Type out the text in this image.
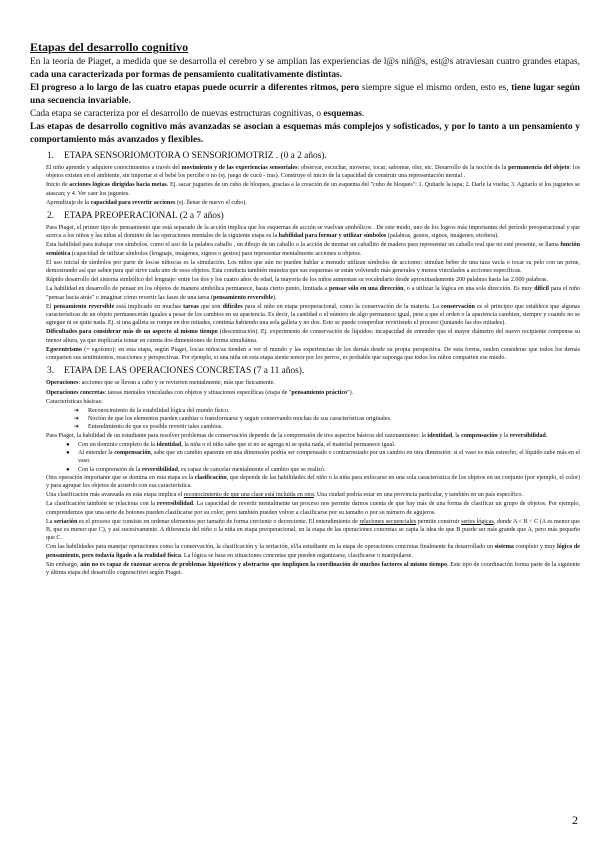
Etapas del desarrollo cognitivo

En la teoría de Piaget, a medida que se desarrolla el cerebro y se amplían las experiencias de l@s niñ@s, est@s atraviesan cuatro grandes etapas, cada una caracterizada por formas de pensamiento cualitativamente distintas.

El progreso a lo largo de las cuatro etapas puede ocurrir a diferentes ritmos, pero siempre sigue el mismo orden, esto es, tiene lugar según una secuencia invariable.

Cada etapa se caracteriza por el desarrollo de nuevas estructuras cognitivas, o esquemas.

Las etapas de desarrollo cognitivo más avanzadas se asocian a esquemas más complejos y sofisticados, y por lo tanto a un pensamiento y comportamiento más avanzados y flexibles.

1. ETAPA SENSORIOMOTORA O SENSORIOMOTRIZ . (0 a 2 años).

El niño aprende y adquiere conocimientos a través del movimiento y de las experiencias sensoriales: observar, escuchar, moverse, tocar, saborear, oler, etc. Desarrollo de la noción de la permanencia del objeto: los objetos existen en el ambiente, sin importar si el bebé los percibe o no (ej. juego de cucú - tras). Construye el inicio de la capacidad de construir una representación mental .

Inicio de acciones lógicas dirigidas hacia metas. Ej. sacar juguetes de un cubo de bloques, gracias a la creación de un esquema del "cubo de bloques": 1. Quitarle la tapa; 2. Darle la vuelta; 3. Agitarlo si los juguetes se atascan; y 4. Ver caer los juguetes.

Aprendizaje de la capacidad para revertir acciones (ej. llenar de nuevo el cubo).

2. ETAPA PREOPERACIONAL (2 a 7 años)

Para Piaget, el primer tipo de pensamiento que está separado de la acción implica que los esquemas de acción se vuelvan simbólicos . De este modo, uno de los logros más importantes del período preoperacional y que acerca a los niños y las niñas al dominio de las operaciones mentales de la siguiente etapa es la habilidad para formar y utilizar símbolos (palabras, gestos, signos, imágenes, etcétera).

Esta habilidad para trabajar con símbolos, como el uso de la palabra caballo , un dibujo de un caballo o la acción de montar un caballito de madera para representar un caballo real que no esté presente, se llama función semiótica (capacidad de utilizar símbolos (lenguaje, imágenes, signos o gestos) para representar mentalmente acciones u objetos.

El uso inicial de símbolos por parte de los/as niños/as es la simulación. Los niños que aún no pueden hablar a menudo utilizan símbolos de acciones: simulan beber de una taza vacía o tocar su pelo con un peine, demostrando así que saben para qué sirve cada uno de esos objetos. Esta conducta también muestra que sus esquemas se están volviendo más generales y menos vinculados a acciones específicas.

Rápido desarrollo del sistema simbólico del lenguaje: entre los dos y los cuatro años de edad, la mayoría de los niños aumentan su vocabulario desde aproximadamente 200 palabras hasta las 2.000 palabras.

La habilidad en desarrollo de pensar en los objetos de manera simbólica permanece, hasta cierto punto, limitada a pensar sólo en una dirección, o a utilizar la lógica en una sola dirección. Es muy difícil para el niño "pensar hacia atrás" o imaginar cómo revertir las fases de una tarea (pensamiento reversible).

El pensamiento reversible está implicado en muchas tareas que son difíciles para el niño en etapa preoperacional, como la conservación de la materia. La conservación es el principio que establece que algunas características de un objeto permanecerán iguales a pesar de los cambios en su apariencia. Es decir, la cantidad o el número de algo permanece igual, pese a que el orden o la apariencia cambien, siempre y cuando no se agregue ni se quite nada. Ej. si una galleta se rompe en dos mitades, continúa habiendo una sola galleta y no dos. Esto se puede comprobar revirtiendo el proceso (juntando las dos mitades).

Dificultades para considerar más de un aspecto al mismo tiempo (descentración). Ej. experimento de conservación de líquidos: incapacidad de entender que el mayor diámetro del nuevo recipiente compensa su menor altura, ya que implicaría tomar en cuenta dos dimensiones de forma simultánea.

Egocentrismo (= egoísmo): en esta etapa, según Piaget, los/as niños/as tienden a ver el mundo y las experiencias de los demás desde su propia perspectiva. De esta forma, suelen considerar que todos los demás comparten sus sentimientos, reacciones y perspectivas. Por ejemplo, si una niña en esta etapa siente temor por los perros, es probable que suponga que todos los niños comparten ese miedo.

3. ETAPA DE LAS OPERACIONES CONCRETAS (7 a 11 años).

Operaciones: acciones que se llevan a cabo y se revierten mentalmente, más que físicamente.

Operaciones concretas: tareas mentales vinculadas con objetos y situaciones específicas (etapa de "pensamiento práctico").

Características básicas:

➔ Reconocimiento de la estabilidad lógica del mundo físico.
➔ Noción de que los elementos pueden cambiar o transformarse y seguir conservando muchas de sus características originales.
➔ Entendimiento de que es posible revertir tales cambios.

Para Piaget, la habilidad de un estudiante para resolver problemas de conservación depende de la comprensión de tres aspectos básicos del razonamiento: la identidad, la compensación y la reversibilidad.

● Con un dominio completo de la identidad, la niña o el niño sabe que si no se agrega ni se quita nada, el material permanece igual.
● Al entender la compensación, sabe que un cambio aparente en una dimensión podría ser compensado o contrarrestado por un cambio en otra dimensión: si el vaso es más estrecho, el líquido sube más en el vaso.
● Con la comprensión de la reversibilidad, es capaz de cancelar mentalmente el cambio que se realizó.

Otra operación importante que se domina en esta etapa es la clasificación, que depende de las habilidades del niño o la niña para enfocarse en una sola característica de los objetos en un conjunto (por ejemplo, el color) y para agrupar los objetos de acuerdo con esa característica.

Una clasificación más avanzada en esta etapa implica el reconocimiento de que una clase está incluida en otra. Una ciudad podría estar en una provincia particular, y también en un país específico.

La clasificación también se relaciona con la reversibilidad. La capacidad de revertir mentalmente un proceso nos permite darnos cuenta de que hay más de una forma de clasificar un grupo de objetos. Por ejemplo, comprendemos que una serie de botones pueden clasificarse por su color, pero también pueden volver a clasificarse por su tamaño o por su número de agujeros.

La seriación es el proceso que consiste en ordenar elementos por tamaño de forma creciente o decreciente. El entendimiento de relaciones secuenciales permite construir series lógicas, donde A < B < C (A es menor que B, que es menor que C), y así sucesivamente. A diferencia del niño o la niña en etapa preoperacional, en la etapa de las operaciones concretas se capta la idea de que B puede ser más grande que A, pero más pequeño que C.

Con las habilidades para manejar operaciones como la conservación, la clasificación y la seriación, el/la estudiante en la etapa de operaciones concretas finalmente ha desarrollado un sistema completo y muy lógico de pensamiento, pero todavía ligado a la realidad física. La lógica se basa en situaciones concretas que pueden organizarse, clasificarse o manipularse.

Sin embargo, aún no es capaz de razonar acerca de problemas hipotéticos y abstractos que impliquen la coordinación de muchos factores al mismo tiempo. Este tipo de coordinación forma parte de la siguiente y última etapa del desarrollo cognoscitivo según Piaget.

2
